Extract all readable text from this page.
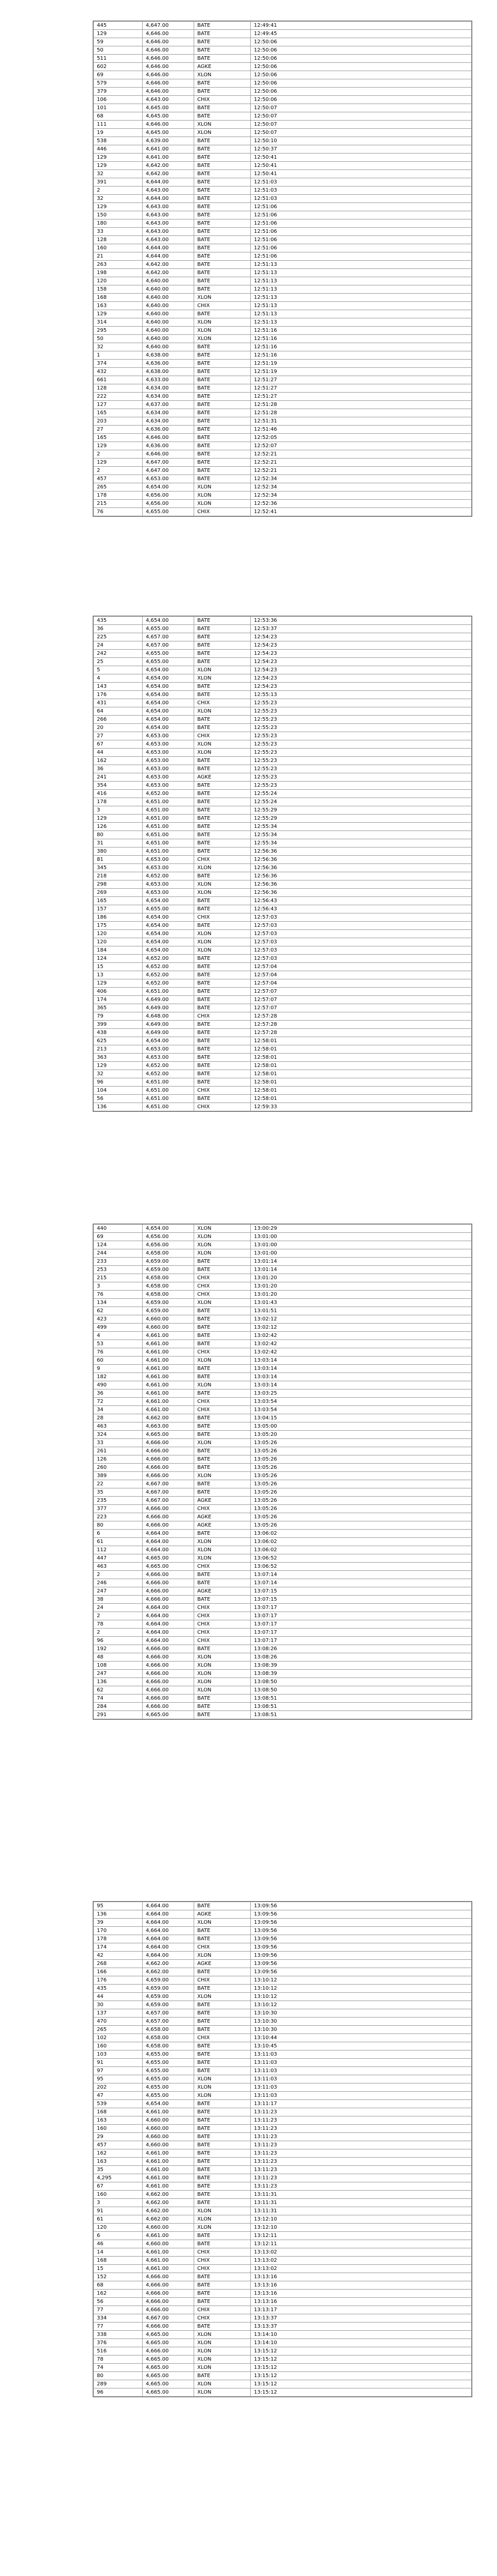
445	4,647.00	BATE	12:49:41
129	4,646.00	BATE	12:49:45
59	4,646.00	BATE	12:50:06
50	4,646.00	BATE	12:50:06
511	4,646.00	BATE	12:50:06
602	4,646.00	AGKE	12:50:06
69	4,646.00	XLON	12:50:06
579	4,646.00	BATE	12:50:06
379	4,646.00	BATE	12:50:06
106	4,643.00	CHIX	12:50:06
101	4,645.00	BATE	12:50:07
68	4,645.00	BATE	12:50:07
111	4,646.00	XLON	12:50:07
19	4,645.00	XLON	12:50:07
538	4,639.00	BATE	12:50:10
446	4,641.00	BATE	12:50:37
129	4,641.00	BATE	12:50:41
129	4,642.00	BATE	12:50:41
32	4,642.00	BATE	12:50:41
391	4,644.00	BATE	12:51:03
2	4,643.00	BATE	12:51:03
32	4,644.00	BATE	12:51:03
129	4,643.00	BATE	12:51:06
150	4,643.00	BATE	12:51:06
180	4,643.00	BATE	12:51:06
33	4,643.00	BATE	12:51:06
128	4,643.00	BATE	12:51:06
160	4,644.00	BATE	12:51:06
21	4,644.00	BATE	12:51:06
263	4,642.00	BATE	12:51:13
198	4,642.00	BATE	12:51:13
120	4,640.00	BATE	12:51:13
158	4,640.00	BATE	12:51:13
168	4,640.00	XLON	12:51:13
163	4,640.00	CHIX	12:51:13
129	4,640.00	BATE	12:51:13
314	4,640.00	XLON	12:51:13
295	4,640.00	XLON	12:51:16
50	4,640.00	XLON	12:51:16
32	4,640.00	BATE	12:51:16
1	4,638.00	BATE	12:51:16
374	4,636.00	BATE	12:51:19
432	4,638.00	BATE	12:51:19
661	4,633.00	BATE	12:51:27
128	4,634.00	BATE	12:51:27
222	4,634.00	BATE	12:51:27
127	4,637.00	BATE	12:51:28
165	4,634.00	BATE	12:51:28
203	4,634.00	BATE	12:51:31
27	4,636.00	BATE	12:51:46
165	4,646.00	BATE	12:52:05
129	4,636.00	BATE	12:52:07
2	4,646.00	BATE	12:52:21
129	4,647.00	BATE	12:52:21
2	4,647.00	BATE	12:52:21
457	4,653.00	BATE	12:52:34
265	4,654.00	XLON	12:52:34
178	4,656.00	XLON	12:52:34
215	4,656.00	XLON	12:52:36
76	4,655.00	CHIX	12:52:41
435	4,654.00	BATE	12:53:36
36	4,655.00	BATE	12:53:37
225	4,657.00	BATE	12:54:23
24	4,657.00	BATE	12:54:23
242	4,655.00	BATE	12:54:23
25	4,655.00	BATE	12:54:23
5	4,654.00	XLON	12:54:23
4	4,654.00	XLON	12:54:23
143	4,654.00	BATE	12:54:23
176	4,654.00	BATE	12:55:13
431	4,654.00	CHIX	12:55:23
64	4,654.00	XLON	12:55:23
266	4,654.00	BATE	12:55:23
20	4,654.00	BATE	12:55:23
27	4,653.00	CHIX	12:55:23
67	4,653.00	XLON	12:55:23
44	4,653.00	XLON	12:55:23
162	4,653.00	BATE	12:55:23
36	4,653.00	BATE	12:55:23
241	4,653.00	AGKE	12:55:23
354	4,653.00	BATE	12:55:23
416	4,652.00	BATE	12:55:24
178	4,651.00	BATE	12:55:24
3	4,651.00	BATE	12:55:29
129	4,651.00	BATE	12:55:29
126	4,651.00	BATE	12:55:34
80	4,651.00	BATE	12:55:34
31	4,651.00	BATE	12:55:34
380	4,651.00	BATE	12:56:36
81	4,653.00	CHIX	12:56:36
345	4,653.00	XLON	12:56:36
218	4,652.00	BATE	12:56:36
298	4,653.00	XLON	12:56:36
269	4,653.00	XLON	12:56:36
165	4,654.00	BATE	12:56:43
157	4,655.00	BATE	12:56:43
186	4,654.00	CHIX	12:57:03
175	4,654.00	BATE	12:57:03
120	4,654.00	XLON	12:57:03
120	4,654.00	XLON	12:57:03
184	4,654.00	XLON	12:57:03
124	4,652.00	BATE	12:57:03
15	4,652.00	BATE	12:57:04
13	4,652.00	BATE	12:57:04
129	4,652.00	BATE	12:57:04
406	4,651.00	BATE	12:57:07
174	4,649.00	BATE	12:57:07
365	4,649.00	BATE	12:57:07
79	4,648.00	CHIX	12:57:28
399	4,649.00	BATE	12:57:28
438	4,649.00	BATE	12:57:28
625	4,654.00	BATE	12:58:01
213	4,653.00	BATE	12:58:01
363	4,653.00	BATE	12:58:01
129	4,652.00	BATE	12:58:01
32	4,652.00	BATE	12:58:01
96	4,651.00	BATE	12:58:01
104	4,651.00	CHIX	12:58:01
56	4,651.00	BATE	12:58:01
136	4,651.00	CHIX	12:59:33
440	4,654.00	XLON	13:00:29
69	4,656.00	XLON	13:01:00
124	4,656.00	XLON	13:01:00
244	4,658.00	XLON	13:01:00
233	4,659.00	BATE	13:01:14
253	4,659.00	BATE	13:01:14
215	4,658.00	CHIX	13:01:20
3	4,658.00	CHIX	13:01:20
76	4,658.00	CHIX	13:01:20
134	4,659.00	XLON	13:01:43
62	4,659.00	BATE	13:01:51
423	4,660.00	BATE	13:02:12
499	4,660.00	BATE	13:02:12
4	4,661.00	BATE	13:02:42
53	4,661.00	BATE	13:02:42
76	4,661.00	CHIX	13:02:42
60	4,661.00	XLON	13:03:14
9	4,661.00	BATE	13:03:14
182	4,661.00	BATE	13:03:14
490	4,661.00	XLON	13:03:14
36	4,661.00	BATE	13:03:25
72	4,661.00	CHIX	13:03:54
34	4,661.00	CHIX	13:03:54
28	4,662.00	BATE	13:04:15
463	4,663.00	BATE	13:05:00
324	4,665.00	BATE	13:05:20
33	4,666.00	XLON	13:05:26
261	4,666.00	BATE	13:05:26
126	4,666.00	BATE	13:05:26
260	4,666.00	BATE	13:05:26
389	4,666.00	XLON	13:05:26
22	4,667.00	BATE	13:05:26
35	4,667.00	BATE	13:05:26
235	4,667.00	AGKE	13:05:26
377	4,666.00	CHIX	13:05:26
223	4,666.00	AGKE	13:05:26
80	4,666.00	AGKE	13:05:26
6	4,664.00	BATE	13:06:02
61	4,664.00	XLON	13:06:02
112	4,664.00	XLON	13:06:02
447	4,665.00	XLON	13:06:52
463	4,665.00	CHIX	13:06:52
2	4,666.00	BATE	13:07:14
246	4,666.00	BATE	13:07:14
247	4,666.00	AGKE	13:07:15
38	4,666.00	BATE	13:07:15
24	4,664.00	CHIX	13:07:17
2	4,664.00	CHIX	13:07:17
78	4,664.00	CHIX	13:07:17
2	4,664.00	CHIX	13:07:17
96	4,664.00	CHIX	13:07:17
192	4,666.00	BATE	13:08:26
48	4,666.00	XLON	13:08:26
108	4,666.00	XLON	13:08:39
247	4,666.00	XLON	13:08:39
136	4,666.00	XLON	13:08:50
62	4,666.00	XLON	13:08:50
74	4,666.00	BATE	13:08:51
284	4,666.00	BATE	13:08:51
291	4,665.00	BATE	13:08:51
95	4,664.00	BATE	13:09:56
136	4,664.00	AGKE	13:09:56
39	4,664.00	XLON	13:09:56
170	4,664.00	BATE	13:09:56
178	4,664.00	BATE	13:09:56
174	4,664.00	CHIX	13:09:56
42	4,664.00	XLON	13:09:56
268	4,662.00	AGKE	13:09:56
166	4,662.00	BATE	13:09:56
176	4,659.00	CHIX	13:10:12
435	4,659.00	BATE	13:10:12
44	4,659.00	XLON	13:10:12
30	4,659.00	BATE	13:10:12
137	4,657.00	BATE	13:10:30
470	4,657.00	BATE	13:10:30
265	4,658.00	BATE	13:10:30
102	4,658.00	CHIX	13:10:44
160	4,658.00	BATE	13:10:45
103	4,655.00	BATE	13:11:03
91	4,655.00	BATE	13:11:03
97	4,655.00	BATE	13:11:03
95	4,655.00	XLON	13:11:03
202	4,655.00	XLON	13:11:03
47	4,655.00	XLON	13:11:03
539	4,654.00	BATE	13:11:17
168	4,661.00	BATE	13:11:23
163	4,660.00	BATE	13:11:23
160	4,660.00	BATE	13:11:23
29	4,660.00	BATE	13:11:23
457	4,660.00	BATE	13:11:23
162	4,661.00	BATE	13:11:23
163	4,661.00	BATE	13:11:23
35	4,661.00	BATE	13:11:23
4,295	4,661.00	BATE	13:11:23
67	4,661.00	BATE	13:11:23
160	4,662.00	BATE	13:11:31
3	4,662.00	BATE	13:11:31
91	4,662.00	XLON	13:11:31
61	4,662.00	XLON	13:12:10
120	4,660.00	XLON	13:12:10
6	4,661.00	BATE	13:12:11
46	4,660.00	BATE	13:12:11
14	4,661.00	CHIX	13:13:02
168	4,661.00	CHIX	13:13:02
15	4,661.00	CHIX	13:13:02
152	4,666.00	BATE	13:13:16
68	4,666.00	BATE	13:13:16
162	4,666.00	BATE	13:13:16
56	4,666.00	BATE	13:13:16
77	4,666.00	CHIX	13:13:17
334	4,667.00	CHIX	13:13:37
77	4,666.00	BATE	13:13:37
338	4,665.00	XLON	13:14:10
376	4,665.00	XLON	13:14:10
516	4,666.00	XLON	13:15:12
78	4,665.00	XLON	13:15:12
74	4,665.00	XLON	13:15:12
80	4,665.00	BATE	13:15:12
289	4,665.00	XLON	13:15:12
96	4,665.00	XLON	13:15:12
